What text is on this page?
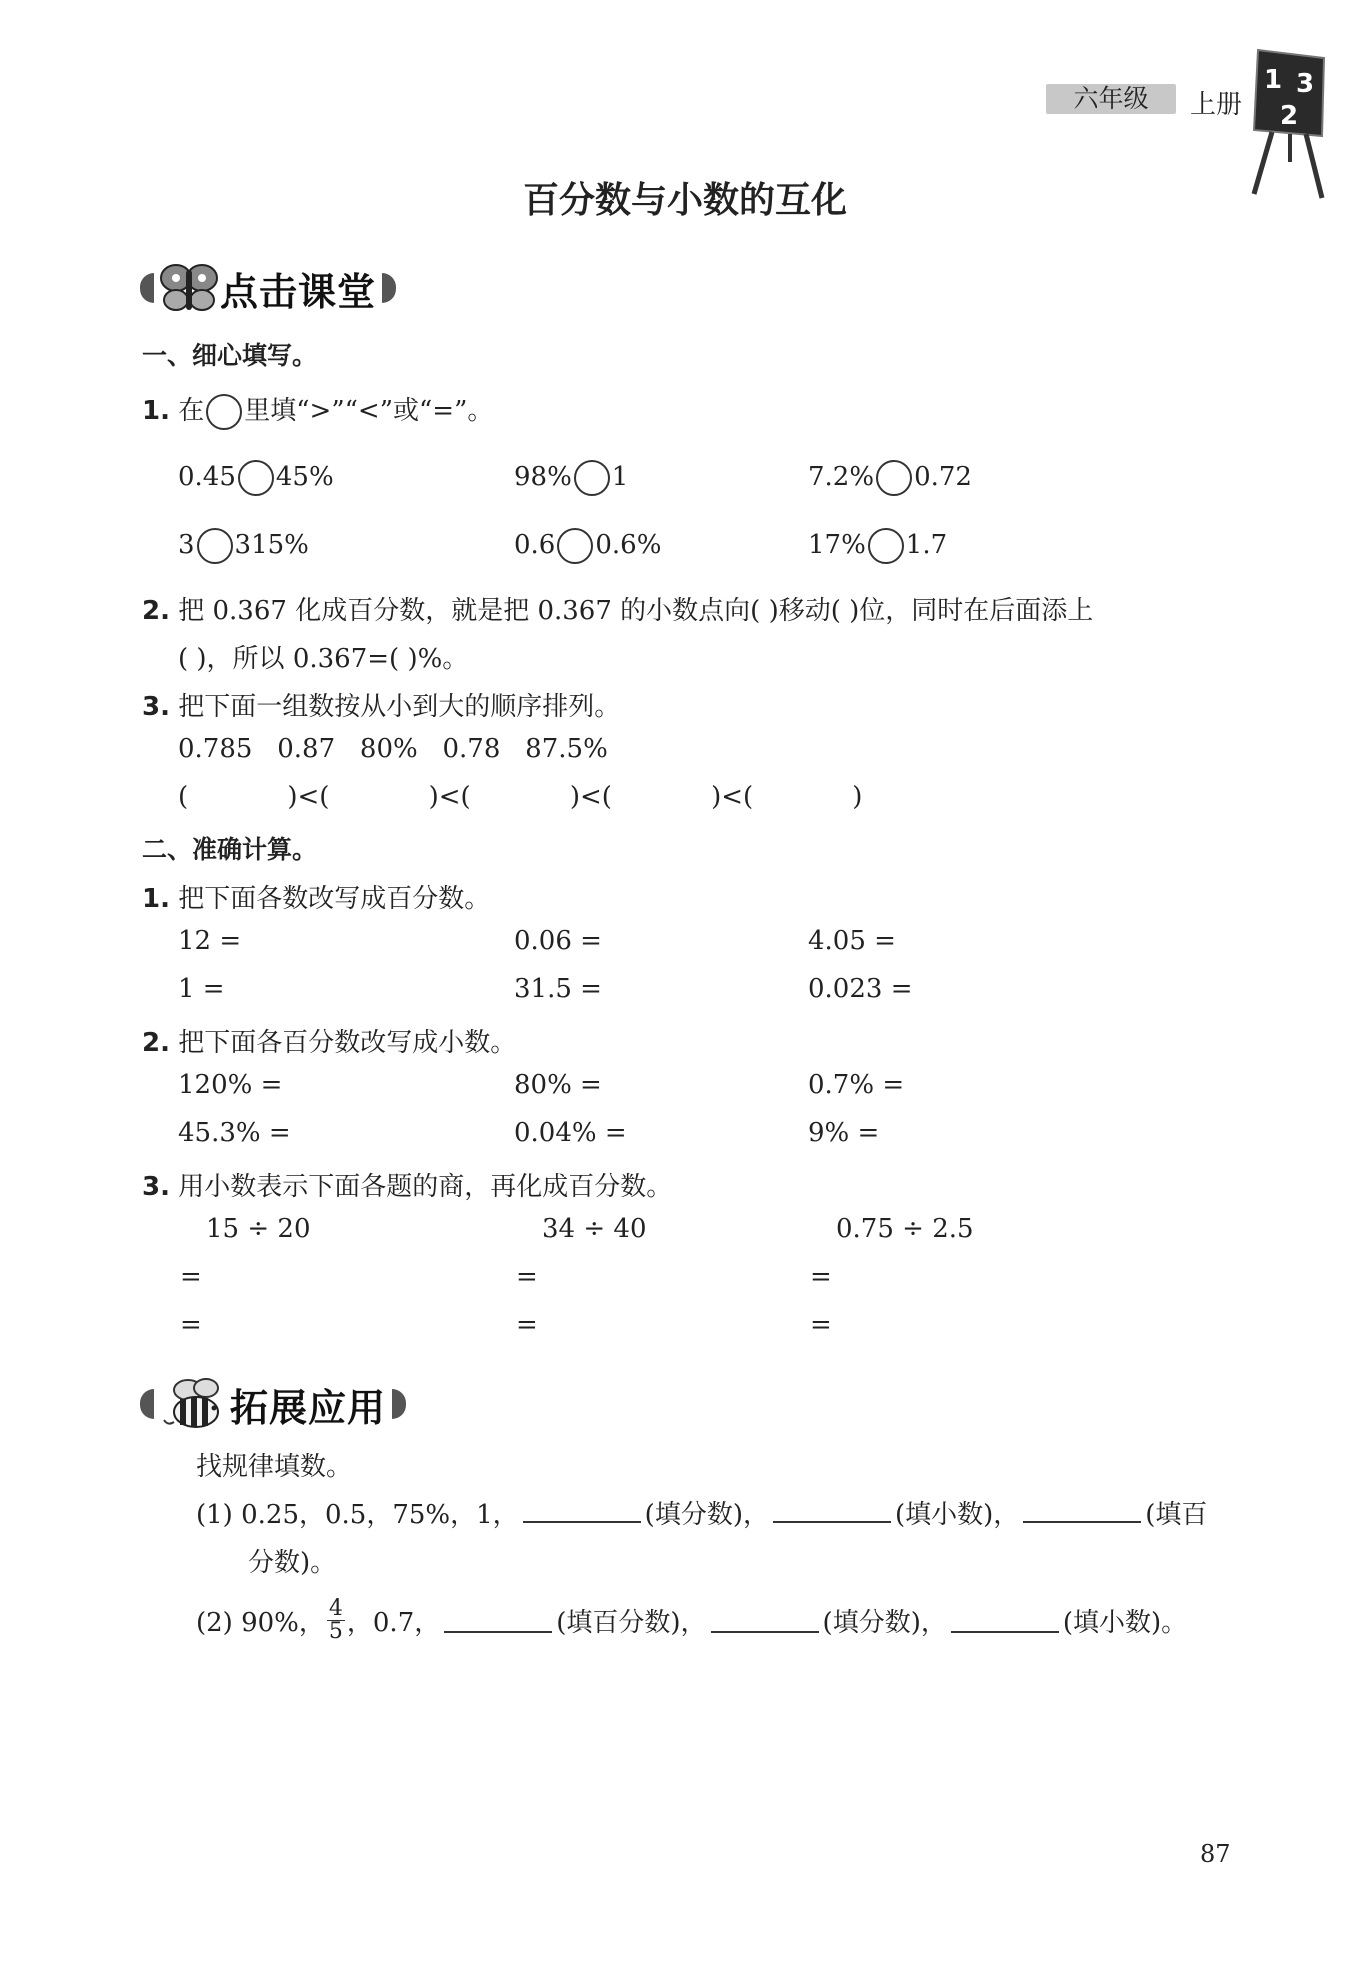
六年级	上册
1 3
2
百分数与小数的互化
点击课堂
一、细心填写。
1. 在 里填“>”“<”或“=”。
0.45 45%	98% 1	7.2% 0.72
3 315%	0.6 0.6%	17% 1.7
2. 把 0.367 化成百分数，就是把 0.367 的小数点向( )移动( )位，同时在后面添上
( )，所以 0.367=( )%。
3. 把下面一组数按从小到大的顺序排列。
0.785   0.87   80%   0.78   87.5%
(            )<(            )<(            )<(            )<(            )
二、准确计算。
1. 把下面各数改写成百分数。
12 =	0.06 =	4.05 =
1 =	31.5 =	0.023 =
2. 把下面各百分数改写成小数。
120% =	80% =	0.7% =
45.3% =	0.04% =	9% =
3. 用小数表示下面各题的商，再化成百分数。
15 ÷ 20	34 ÷ 40	0.75 ÷ 2.5
=	=	=
=	=	=
拓展应用
找规律填数。
(1) 0.25，0.5，75%，1，	(填分数)，	(填小数)，	(填百
分数)。
(2) 90%， $\frac{4}{5}$ ，0.7，	(填百分数)，	(填分数)，	(填小数)。
87
